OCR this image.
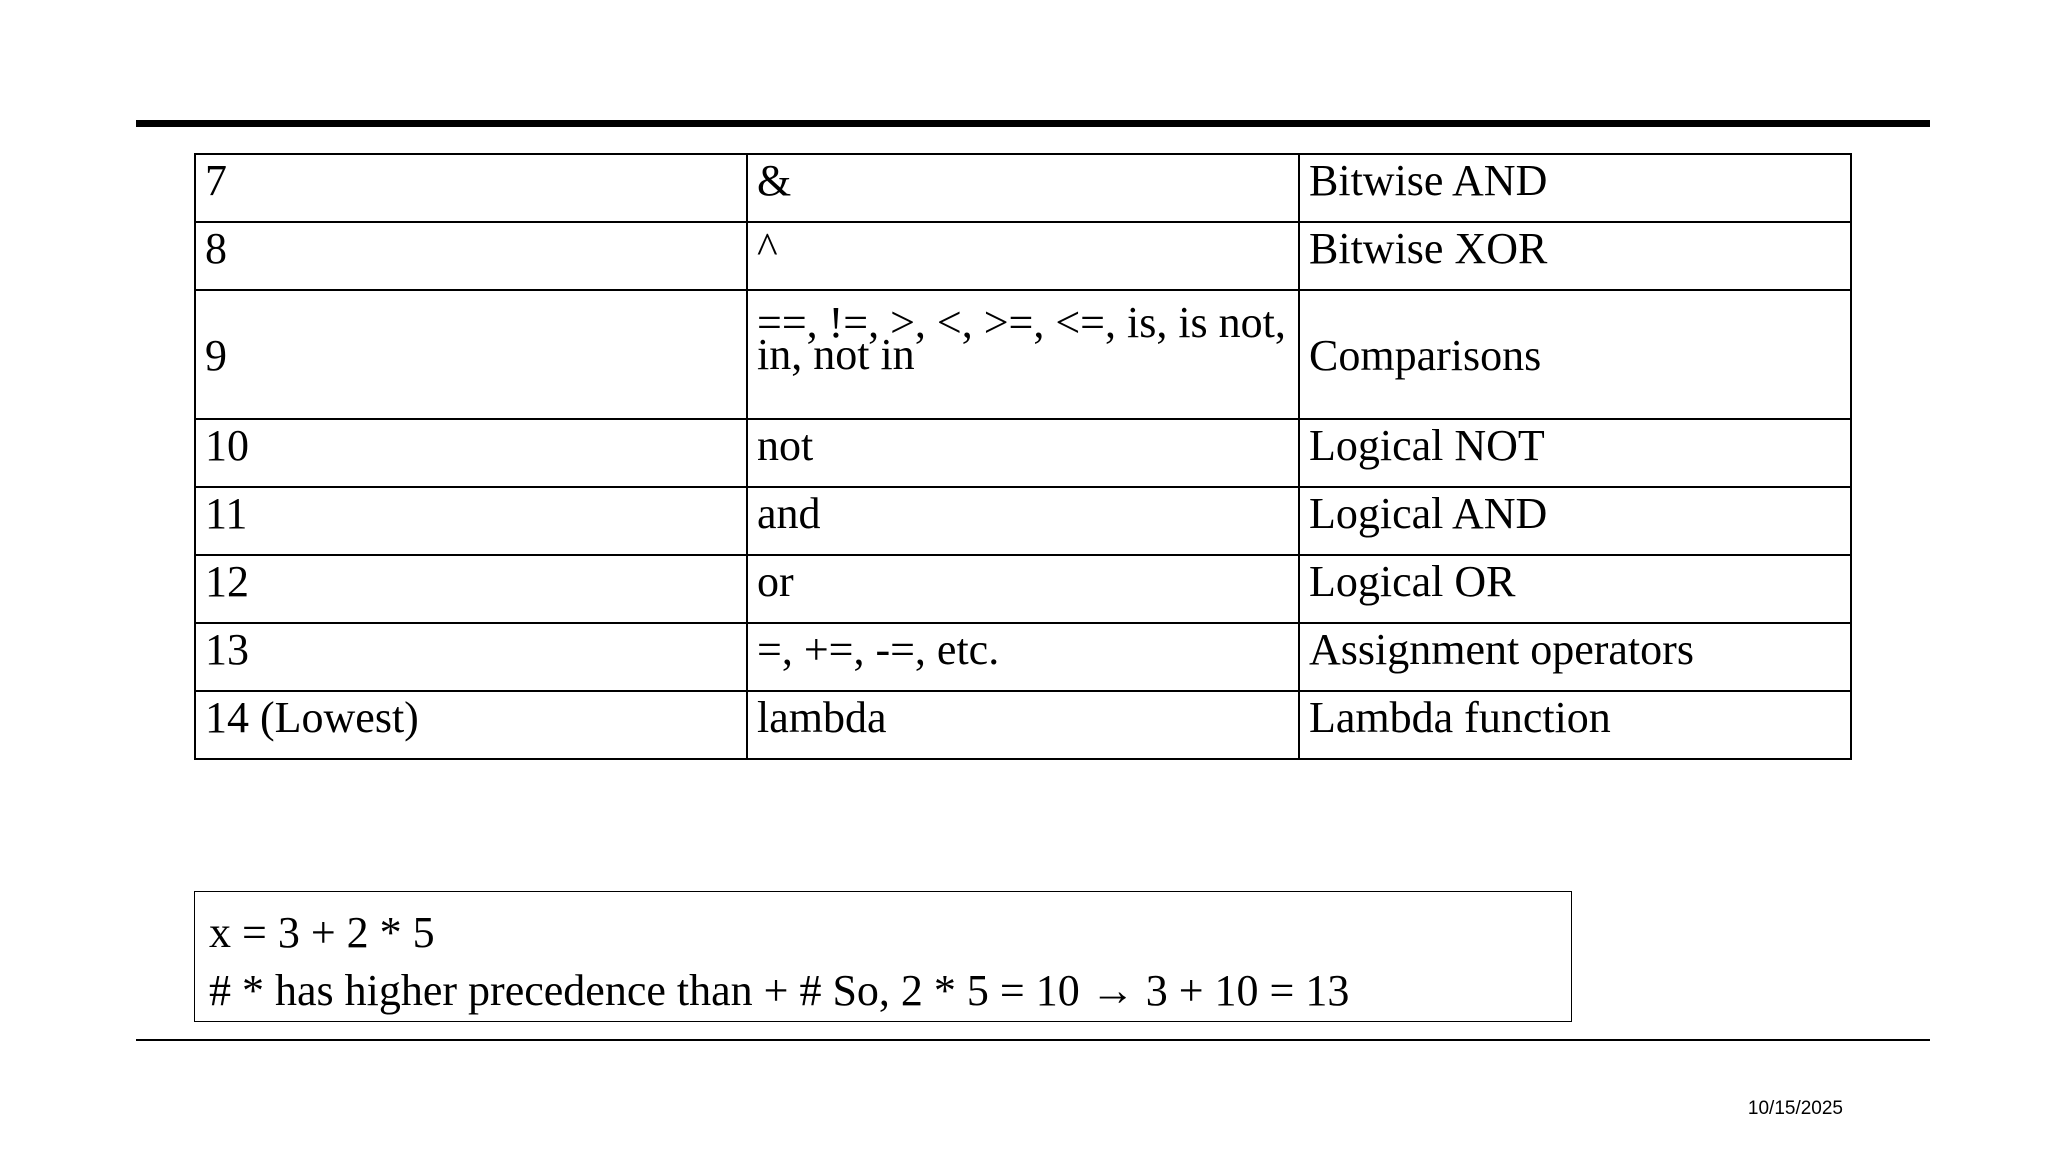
7	&	Bitwise AND
8	^	Bitwise XOR
9	==, !=, >, <, >=, <=, is, is not, in, not in	Comparisons
10	not	Logical NOT
11	and	Logical AND
12	or	Logical OR
13	=, +=, -=, etc.	Assignment operators
14 (Lowest)	lambda	Lambda function
x = 3 + 2 * 5
# * has higher precedence than + # So, 2 * 5 = 10 → 3 + 10 = 13
10/15/2025
